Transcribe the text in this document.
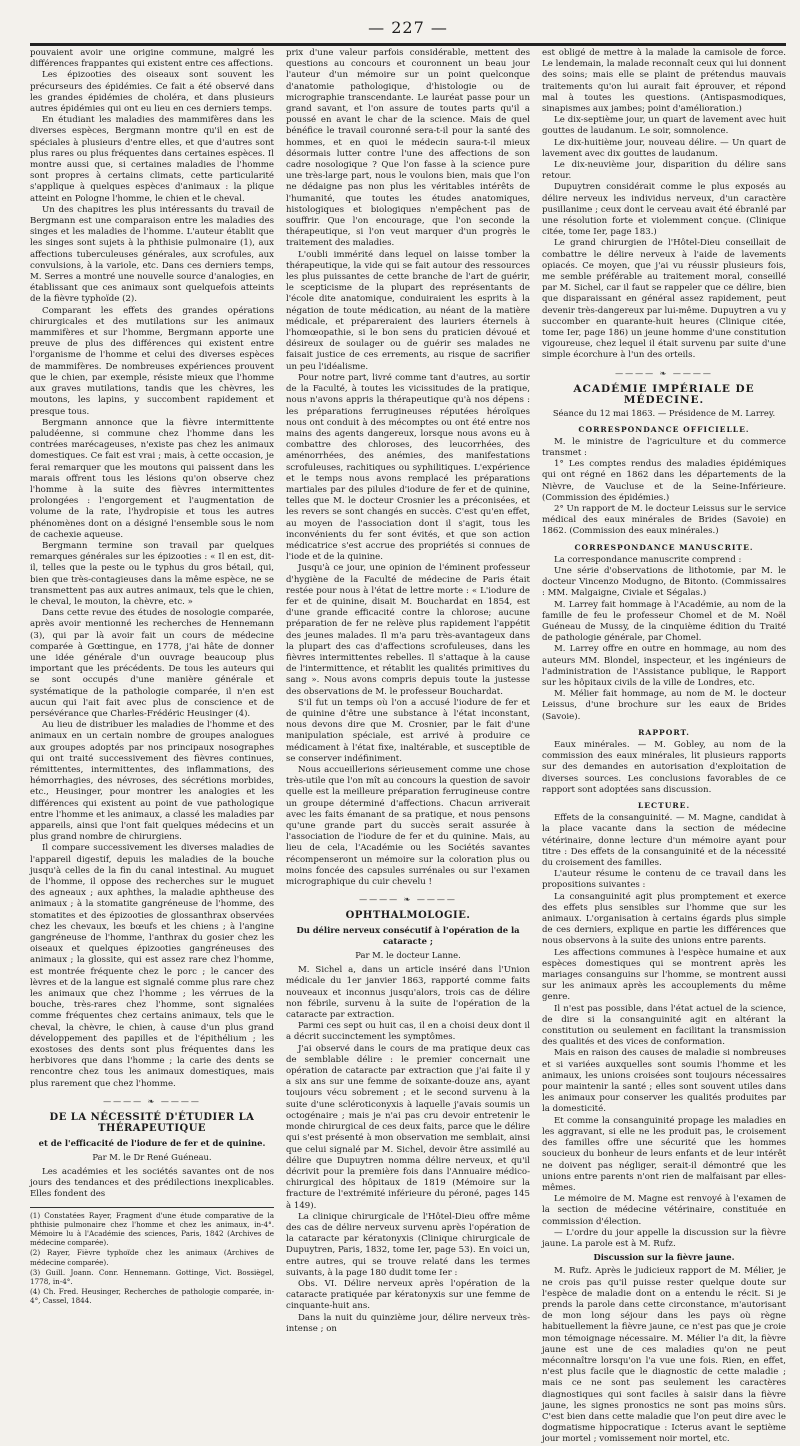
— 227 —

pouvaient avoir une origine commune, malgré les différences frappantes qui existent entre ces affections.

Les épizooties des oiseaux sont souvent les précurseurs des épidémies. Ce fait a été observé dans les grandes épidémies de choléra, et dans plusieurs autres épidémies qui ont eu lieu en ces derniers temps.

En étudiant les maladies des mammifères dans les diverses espèces, Bergmann montre qu'il en est de spéciales à plusieurs d'entre elles, et que d'autres sont plus rares ou plus fréquentes dans certaines espèces. Il montre aussi que, si certaines maladies de l'homme sont propres à certains climats, cette particularité s'applique à quelques espèces d'animaux : la plique atteint en Pologne l'homme, le chien et le cheval.

Un des chapitres les plus intéressants du travail de Bergmann est une comparaison entre les maladies des singes et les maladies de l'homme. L'auteur établit que les singes sont sujets à la phthisie pulmonaire (1), aux affections tuberculeuses générales, aux scrofules, aux convulsions, à la variole, etc. Dans ces derniers temps, M. Serres a montré une nouvelle source d'analogies, en établissant que ces animaux sont quelquefois atteints de la fièvre typhoïde (2).

Comparant les effets des grandes opérations chirurgicales et des mutilations sur les animaux mammifères et sur l'homme, Bergmann apporte une preuve de plus des différences qui existent entre l'organisme de l'homme et celui des diverses espèces de mammifères. De nombreuses expériences prouvent que le chien, par exemple, résiste mieux que l'homme aux graves mutilations, tandis que les chèvres, les moutons, les lapins, y succombent rapidement et presque tous.

Bergmann annonce que la fièvre intermittente paludéenne, si commune chez l'homme dans les contrées marécageuses, n'existe pas chez les animaux domestiques. Ce fait est vrai ; mais, à cette occasion, je ferai remarquer que les moutons qui paissent dans les marais offrent tous les lésions qu'on observe chez l'homme à la suite des fièvres intermittentes prolongées : l'engorgement et l'augmentation de volume de la rate, l'hydropisie et tous les autres phénomènes dont on a désigné l'ensemble sous le nom de cachexie aqueuse.

Bergmann termine son travail par quelques remarques générales sur les épizooties : « Il en est, dit-il, telles que la peste ou le typhus du gros bétail, qui, bien que très-contagieuses dans la même espèce, ne se transmettent pas aux autres animaux, tels que le chien, le cheval, le mouton, la chèvre, etc. »

Dans cette revue des études de nosologie comparée, après avoir mentionné les recherches de Hennemann (3), qui par là avoir fait un cours de médecine comparée à Gœttingue, en 1778, j'ai hâte de donner une idée générale d'un ouvrage beaucoup plus important que les précédents. De tous les auteurs qui se sont occupés d'une manière générale et systématique de la pathologie comparée, il n'en est aucun qui l'ait fait avec plus de conscience et de persévérance que Charles-Frédéric Heusinger (4).

Au lieu de distribuer les maladies de l'homme et des animaux en un certain nombre de groupes analogues aux groupes adoptés par nos principaux nosographes qui ont traité successivement des fièvres continues, rémittentes, intermittentes, des inflammations, des hémorrhagies, des névroses, des sécrétions morbides, etc., Heusinger, pour montrer les analogies et les différences qui existent au point de vue pathologique entre l'homme et les animaux, a classé les maladies par appareils, ainsi que l'ont fait quelques médecins et un plus grand nombre de chirurgiens.

Il compare successivement les diverses maladies de l'appareil digestif, depuis les maladies de la bouche jusqu'à celles de la fin du canal intestinal. Au muguet de l'homme, il oppose des recherches sur le muguet des agneaux ; aux aphthes, la maladie aphtheuse des animaux ; à la stomatite gangréneuse de l'homme, des stomatites et des épizooties de glossanthrax observées chez les chevaux, les bœufs et les chiens ; à l'angine gangréneuse de l'homme, l'anthrax du gosier chez les oiseaux et quelques épizooties gangréneuses des animaux ; la glossite, qui est assez rare chez l'homme, est montrée fréquente chez le porc ; le cancer des lèvres et de la langue est signalé comme plus rare chez les animaux que chez l'homme ; les vérrues de la bouche, très-rares chez l'homme, sont signalées comme fréquentes chez certains animaux, tels que le cheval, la chèvre, le chien, à cause d'un plus grand développement des papilles et de l'épithélium ; les exostoses des dents sont plus fréquentes dans les herbivores que dans l'homme ; la carie des dents se rencontre chez tous les animaux domestiques, mais plus rarement que chez l'homme.

———— ❧ ————
DE LA NÉCESSITÉ D'ÉTUDIER LA THÉRAPEUTIQUE
et de l'efficacité de l'iodure de fer et de quinine.
Par M. le Dr René Guéneau.

Les académies et les sociétés savantes ont de nos jours des tendances et des prédilections inexplicables. Elles fondent des

(1) Constatées Rayer, Fragment d'une étude comparative de la phthisie pulmonaire chez l'homme et chez les animaux, in-4°. Mémoire lu à l'Académie des sciences, Paris, 1842 (Archives de médecine comparée).
(2) Rayer, Fièvre typhoïde chez les animaux (Archives de médecine comparée).
(3) Guill. Joann. Conr. Hennemann. Gottinge, Vict. Bossiègel, 1778, in-4°.
(4) Ch. Fred. Heusinger, Recherches de pathologie comparée, in-4°, Cassel, 1844.

prix d'une valeur parfois considérable, mettent des questions au concours et couronnent un beau jour l'auteur d'un mémoire sur un point quelconque d'anatomie pathologique, d'histologie ou de micrographie transcendante. Le lauréat passe pour un grand savant, et l'on assure de toutes parts qu'il a poussé en avant le char de la science. Mais de quel bénéfice le travail couronné sera-t-il pour la santé des hommes, et en quoi le médecin saura-t-il mieux désormais lutter contre l'une des affections de son cadre nosologique ? Que l'on fasse à la science pure une très-large part, nous le voulons bien, mais que l'on ne dédaigne pas non plus les véritables intérêts de l'humanité, que toutes les études anatomiques, histologiques et biologiques n'empêchent pas de souffrir. Que l'on encourage, que l'on seconde la thérapeutique, si l'on veut marquer d'un progrès le traitement des maladies.

L'oubli immérité dans lequel on laisse tomber la thérapeutique, la vide qui se fait autour des ressources les plus puissantes de cette branche de l'art de guérir, le scepticisme de la plupart des représentants de l'école dite anatomique, conduiraient les esprits à la négation de toute médication, au néant de la matière médicale, et prépareraient des lauriers éternels à l'homœopathie, si le bon sens du praticien dévoué et désireux de soulager ou de guérir ses malades ne faisait justice de ces errements, au risque de sacrifier un peu l'idéalisme.

Pour notre part, livré comme tant d'autres, au sortir de la Faculté, à toutes les vicissitudes de la pratique, nous n'avons appris la thérapeutique qu'à nos dépens : les préparations ferrugineuses réputées héroïques nous ont conduit à des mécomptes ou ont été entre nos mains des agents dangereux, lorsque nous avons eu à combattre des chloroses, des leucorrhées, des aménorrhées, des anémies, des manifestations scrofuleuses, rachitiques ou syphilitiques. L'expérience et le temps nous avons remplacé les préparations martiales par des pilules d'iodure de fer et de quinine, telles que M. le docteur Crosnier les a préconisées, et les revers se sont changés en succès. C'est qu'en effet, au moyen de l'association dont il s'agit, tous les inconvénients du fer sont évités, et que son action médicatrice s'est accrue des propriétés si connues de l'iode et de la quinine.

Jusqu'à ce jour, une opinion de l'éminent professeur d'hygiène de la Faculté de médecine de Paris était restée pour nous à l'état de lettre morte : « L'iodure de fer et de quinine, disait M. Bouchardat en 1854, est d'une grande efficacité contre la chlorose; aucune préparation de fer ne relève plus rapidement l'appétit des jeunes malades. Il m'a paru très-avantageux dans la plupart des cas d'affections scrofuleuses, dans les fièvres intermittentes rebelles. Il s'attaque à la cause de l'intermittence, et rétablit les qualités primitives du sang ». Nous avons compris depuis toute la justesse des observations de M. le professeur Bouchardat.

S'il fut un temps où l'on a accusé l'iodure de fer et de quinine d'être une substance à l'état inconstant, nous devons dire que M. Crosnier, par le fait d'une manipulation spéciale, est arrivé à produire ce médicament à l'état fixe, inaltérable, et susceptible de se conserver indéfiniment.

Nous accueillerions sérieusement comme une chose très-utile que l'on mît au concours la question de savoir quelle est la meilleure préparation ferrugineuse contre un groupe déterminé d'affections. Chacun arriverait avec les faits émanant de sa pratique, et nous pensons qu'une grande part du succès serait assurée à l'association de l'iodure de fer et du quinine. Mais, au lieu de cela, l'Académie ou les Sociétés savantes récompenseront un mémoire sur la coloration plus ou moins foncée des capsules surrénales ou sur l'examen micrographique du cuir chevelu !

———— ❧ ————
OPHTHALMOLOGIE.
Du délire nerveux consécutif à l'opération de la cataracte ;
Par M. le docteur Lanne.

M. Sichel a, dans un article inséré dans l'Union médicale du 1er janvier 1863, rapporté comme faits nouveaux et inconnus jusqu'alors, trois cas de délire non fébrile, survenu à la suite de l'opération de la cataracte par extraction.

Parmi ces sept ou huit cas, il en a choisi deux dont il a décrit succinctement les symptômes.

J'ai observé dans le cours de ma pratique deux cas de semblable délire : le premier concernait une opération de cataracte par extraction que j'ai faite il y a six ans sur une femme de soixante-douze ans, ayant toujours vécu sobrement ; et le second survenu à la suite d'une scléroticonyxis à laquelle j'avais soumis un octogénaire ; mais je n'ai pas cru devoir entretenir le monde chirurgical de ces deux faits, parce que le délire qui s'est présenté à mon observation me semblait, ainsi que celui signalé par M. Sichel, devoir être assimilé au délire que Dupuytren nomma délire nerveux, et qu'il décrivit pour la première fois dans l'Annuaire médico-chirurgical des hôpitaux de 1819 (Mémoire sur la fracture de l'extrémité inférieure du péroné, pages 145 à 149).

La clinique chirurgicale de l'Hôtel-Dieu offre même des cas de délire nerveux survenu après l'opération de la cataracte par kératonyxis (Clinique chirurgicale de Dupuytren, Paris, 1832, tome Ier, page 53). En voici un, entre autres, qui se trouve relaté dans les termes suivants, à la page 180 dudit tome Ier :

Obs. VI. Délire nerveux après l'opération de la cataracte pratiquée par kératonyxis sur une femme de cinquante-huit ans.

Dans la nuit du quinzième jour, délire nerveux très-intense ; on

est obligé de mettre à la malade la camisole de force. Le lendemain, la malade reconnaît ceux qui lui donnent des soins; mais elle se plaint de prétendus mauvais traitements qu'on lui aurait fait éprouver, et répond mal à toutes les questions. (Antispasmodiques, sinapismes aux jambes; point d'amélioration.)

Le dix-septième jour, un quart de lavement avec huit gouttes de laudanum. Le soir, somnolence.

Le dix-huitième jour, nouveau délire. — Un quart de lavement avec dix gouttes de laudanum.

Le dix-neuvième jour, disparition du délire sans retour.

Dupuytren considérait comme le plus exposés au délire nerveux les individus nerveux, d'un caractère pusillanime ; ceux dont le cerveau avait été ébranlé par une résolution forte et violemment conçue. (Clinique citée, tome Ier, page 183.)

Le grand chirurgien de l'Hôtel-Dieu conseillait de combattre le délire nerveux à l'aide de lavements opiacés. Ce moyen, que j'ai vu réussir plusieurs fois, me semble préférable au traitement moral, conseillé par M. Sichel, car il faut se rappeler que ce délire, bien que disparaissant en général assez rapidement, peut devenir très-dangereux par lui-même. Dupuytren a vu y succomber en quarante-huit heures (Clinique citée, tome Ier, page 186) un jeune homme d'une constitution vigoureuse, chez lequel il était survenu par suite d'une simple écorchure à l'un des orteils.

———— ❧ ————
ACADÉMIE IMPÉRIALE DE MÉDECINE.
Séance du 12 mai 1863. — Présidence de M. Larrey.
CORRESPONDANCE OFFICIELLE.

M. le ministre de l'agriculture et du commerce transmet :

1° Les comptes rendus des maladies épidémiques qui ont régné en 1862 dans les départements de la Nièvre, de Vaucluse et de la Seine-Inférieure. (Commission des épidémies.)

2° Un rapport de M. le docteur Leissus sur le service médical des eaux minérales de Brides (Savoie) en 1862. (Commission des eaux minérales.)

CORRESPONDANCE MANUSCRITE.

La correspondance manuscrite comprend :

Une série d'observations de lithotomie, par M. le docteur Vincenzo Modugno, de Bitonto. (Commissaires : MM. Malgaigne, Civiale et Ségalas.)

M. Larrey fait hommage à l'Académie, au nom de la famille de feu le professeur Chomel et de M. Noël Guéneau de Mussy, de la cinquième édition du Traité de pathologie générale, par Chomel.

M. Larrey offre en outre en hommage, au nom des auteurs MM. Blondel, inspecteur, et les ingénieurs de l'administration de l'Assistance publique, le Rapport sur les hôpitaux civils de la ville de Londres, etc.

M. Mélier fait hommage, au nom de M. le docteur Leissus, d'une brochure sur les eaux de Brides (Savoie).

RAPPORT.

Eaux minérales. — M. Gobley, au nom de la commission des eaux minérales, lit plusieurs rapports sur des demandes en autorisation d'exploitation de diverses sources. Les conclusions favorables de ce rapport sont adoptées sans discussion.

LECTURE.

Effets de la consanguinité. — M. Magne, candidat à la place vacante dans la section de médecine vétérinaire, donne lecture d'un mémoire ayant pour titre : Des effets de la consanguinité et de la nécessité du croisement des familles.

L'auteur résume le contenu de ce travail dans les propositions suivantes :

La consanguinité agit plus promptement et exerce des effets plus sensibles sur l'homme que sur les animaux. L'organisation à certains égards plus simple de ces derniers, explique en partie les différences que nous observons à la suite des unions entre parents.

Les affections communes à l'espèce humaine et aux espèces domestiques qui se montrent après les mariages consanguins sur l'homme, se montrent aussi sur les animaux après les accouplements du même genre.

Il n'est pas possible, dans l'état actuel de la science, de dire si la consanguinité agit en altérant la constitution ou seulement en facilitant la transmission des qualités et des vices de conformation.

Mais en raison des causes de maladie si nombreuses et si variées auxquelles sont soumis l'homme et les animaux, les unions croisées sont toujours nécessaires pour maintenir la santé ; elles sont souvent utiles dans les animaux pour conserver les qualités produites par la domesticité.

Et comme la consanguinité propage les maladies en les aggravant, si elle ne les produit pas, le croisement des familles offre une sécurité que les hommes soucieux du bonheur de leurs enfants et de leur intérêt ne doivent pas négliger, serait-il démontré que les unions entre parents n'ont rien de malfaisant par elles-mêmes.

Le mémoire de M. Magne est renvoyé à l'examen de la section de médecine vétérinaire, constituée en commission d'élection.

— L'ordre du jour appelle la discussion sur la fièvre jaune. La parole est à M. Rufz.

Discussion sur la fièvre jaune.

M. Rufz. Après le judicieux rapport de M. Mélier, je ne crois pas qu'il puisse rester quelque doute sur l'espèce de maladie dont on a entendu le récit. Si je prends la parole dans cette circonstance, m'autorisant de mon long séjour dans les pays où règne habituellement la fièvre jaune, ce n'est pas que je croie mon témoignage nécessaire. M. Mélier l'a dit, la fièvre jaune est une de ces maladies qu'on ne peut méconnaître lorsqu'on l'a vue une fois. Rien, en effet, n'est plus facile que le diagnostic de cette maladie ; mais ce ne sont pas seulement les caractères diagnostiques qui sont faciles à saisir dans la fièvre jaune, les signes pronostics ne sont pas moins sûrs. C'est bien dans cette maladie que l'on peut dire avec le dogmatisme hippocratique : Icterus avant le septième jour mortel ; vomissement noir mortel, etc.
